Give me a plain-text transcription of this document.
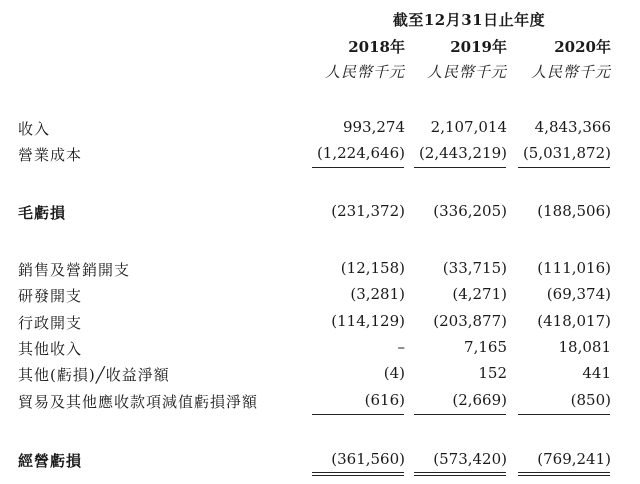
截至12月31日止年度
2018年	2019年	2020年
人民幣千元	人民幣千元	人民幣千元
收入	993,274	2,107,014	4,843,366
營業成本	(1,224,646) (2,443,219)	(5,031,872)
毛虧損	(231,372)	(336,205)	(188,506)
銷售及營銷開支	(12,158)	(33,715)	(111,016)
研發開支	(3,281)	(4,271)	(69,374)
行政開支	(114,129)	(203,877)	(418,017)
其他收入	–	7,165	18,081
其他(虧損)╱收益淨額	(4)	152	441
貿易及其他應收款項減值虧損淨額	(616)	(2,669)	(850)
經營虧損	(361,560)	(573,420)	(769,241)
